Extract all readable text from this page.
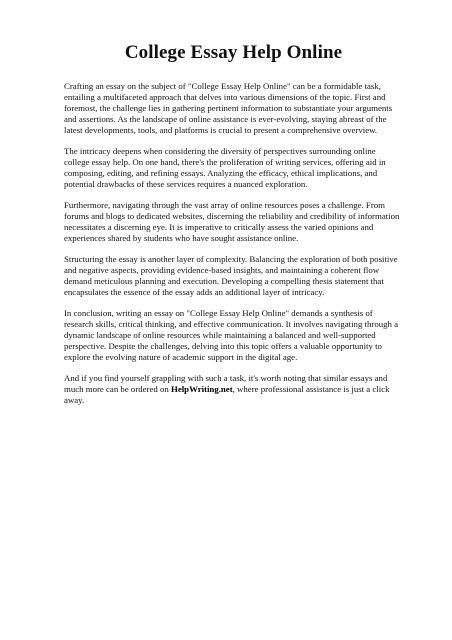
College Essay Help Online

Crafting an essay on the subject of "College Essay Help Online" can be a formidable task, entailing a multifaceted approach that delves into various dimensions of the topic. First and foremost, the challenge lies in gathering pertinent information to substantiate your arguments and assertions. As the landscape of online assistance is ever-evolving, staying abreast of the latest developments, tools, and platforms is crucial to present a comprehensive overview.

The intricacy deepens when considering the diversity of perspectives surrounding online college essay help. On one hand, there's the proliferation of writing services, offering aid in composing, editing, and refining essays. Analyzing the efficacy, ethical implications, and potential drawbacks of these services requires a nuanced exploration.

Furthermore, navigating through the vast array of online resources poses a challenge. From forums and blogs to dedicated websites, discerning the reliability and credibility of information necessitates a discerning eye. It is imperative to critically assess the varied opinions and experiences shared by students who have sought assistance online.

Structuring the essay is another layer of complexity. Balancing the exploration of both positive and negative aspects, providing evidence-based insights, and maintaining a coherent flow demand meticulous planning and execution. Developing a compelling thesis statement that encapsulates the essence of the essay adds an additional layer of intricacy.

In conclusion, writing an essay on "College Essay Help Online" demands a synthesis of research skills, critical thinking, and effective communication. It involves navigating through a dynamic landscape of online resources while maintaining a balanced and well-supported perspective. Despite the challenges, delving into this topic offers a valuable opportunity to explore the evolving nature of academic support in the digital age.

And if you find yourself grappling with such a task, it's worth noting that similar essays and much more can be ordered on HelpWriting.net, where professional assistance is just a click away.
